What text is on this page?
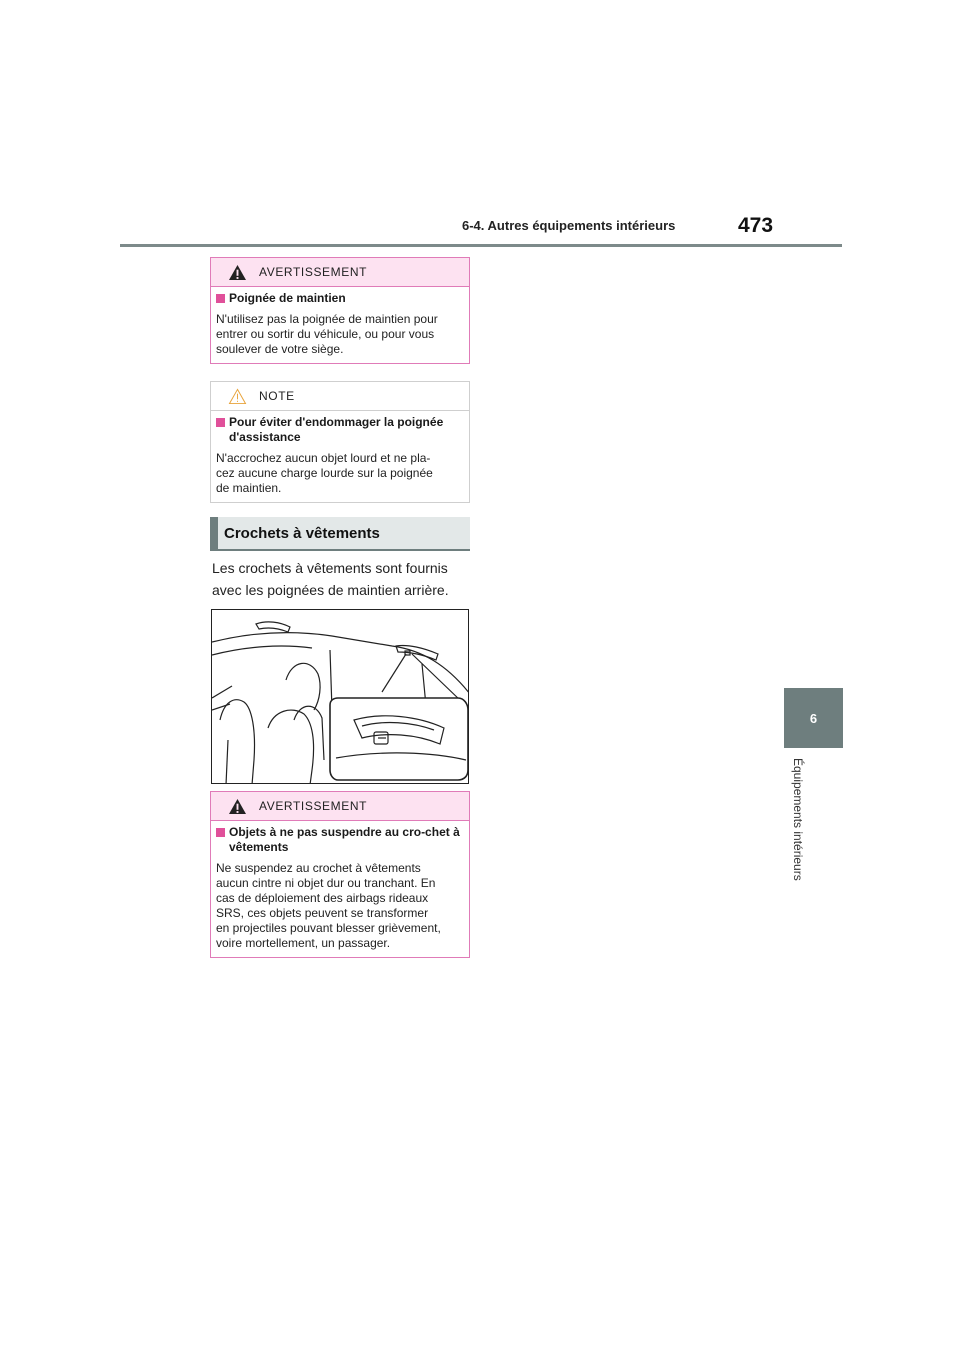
6-4. Autres équipements intérieurs	473
6
Équipements intérieurs
AVERTISSEMENT
Poignée de maintien
N'utilisez pas la poignée de maintien pour
entrer ou sortir du véhicule, ou pour vous
soulever de votre siège.
NOTE
Pour éviter d'endommager la poignée d'assistance
N'accrochez aucun objet lourd et ne pla-
cez aucune charge lourde sur la poignée
de maintien.
Crochets à vêtements
Les crochets à vêtements sont fournis
avec les poignées de maintien arrière.
AVERTISSEMENT
Objets à ne pas suspendre au cro-chet à vêtements
Ne suspendez au crochet à vêtements
aucun cintre ni objet dur ou tranchant. En
cas de déploiement des airbags rideaux
SRS, ces objets peuvent se transformer
en projectiles pouvant blesser grièvement,
voire mortellement, un passager.
